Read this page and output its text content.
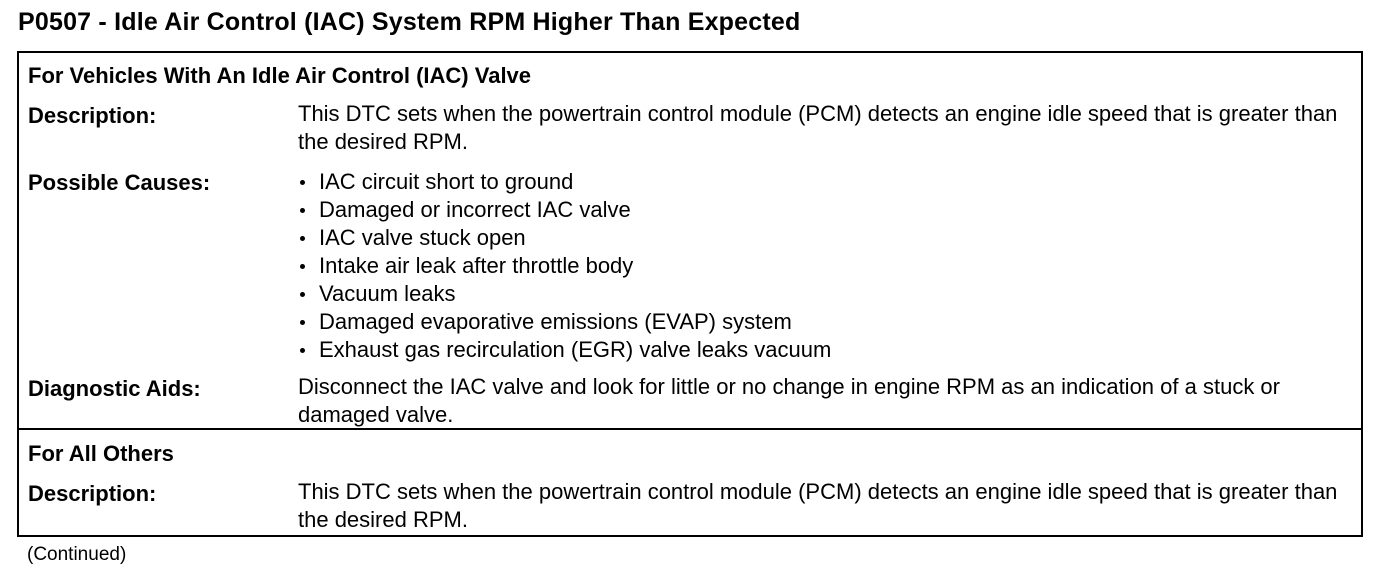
P0507 - Idle Air Control (IAC) System RPM Higher Than Expected
For Vehicles With An Idle Air Control (IAC) Valve
Description:	This DTC sets when the powertrain control module (PCM) detects an engine idle speed that is greater than the desired RPM.
Possible Causes:	IAC circuit short to ground
Damaged or incorrect IAC valve
IAC valve stuck open
Intake air leak after throttle body
Vacuum leaks
Damaged evaporative emissions (EVAP) system
Exhaust gas recirculation (EGR) valve leaks vacuum
Diagnostic Aids:	Disconnect the IAC valve and look for little or no change in engine RPM as an indication of a stuck or damaged valve.
For All Others
Description:	This DTC sets when the powertrain control module (PCM) detects an engine idle speed that is greater than the desired RPM.
(Continued)
